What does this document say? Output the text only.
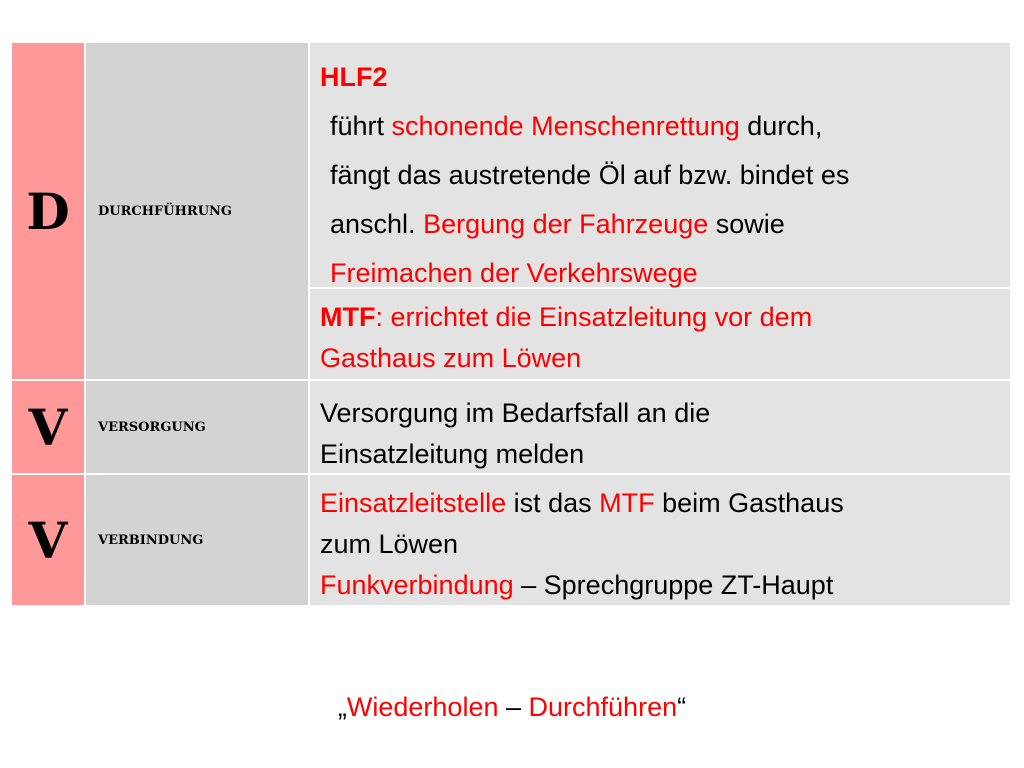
D DURCHFÜHRUNG
HLF2
führt schonende Menschenrettung durch,
fängt das austretende Öl auf bzw. bindet es
anschl. Bergung der Fahrzeuge sowie
Freimachen der Verkehrswege
MTF: errichtet die Einsatzleitung vor dem
Gasthaus zum Löwen
V VERSORGUNG	Versorgung im Bedarfsfall an die
Einsatzleitung melden
V VERBINDUNG
Einsatzleitstelle ist das MTF beim Gasthaus
zum Löwen
Funkverbindung – Sprechgruppe ZT-Haupt
„Wiederholen – Durchführen“
